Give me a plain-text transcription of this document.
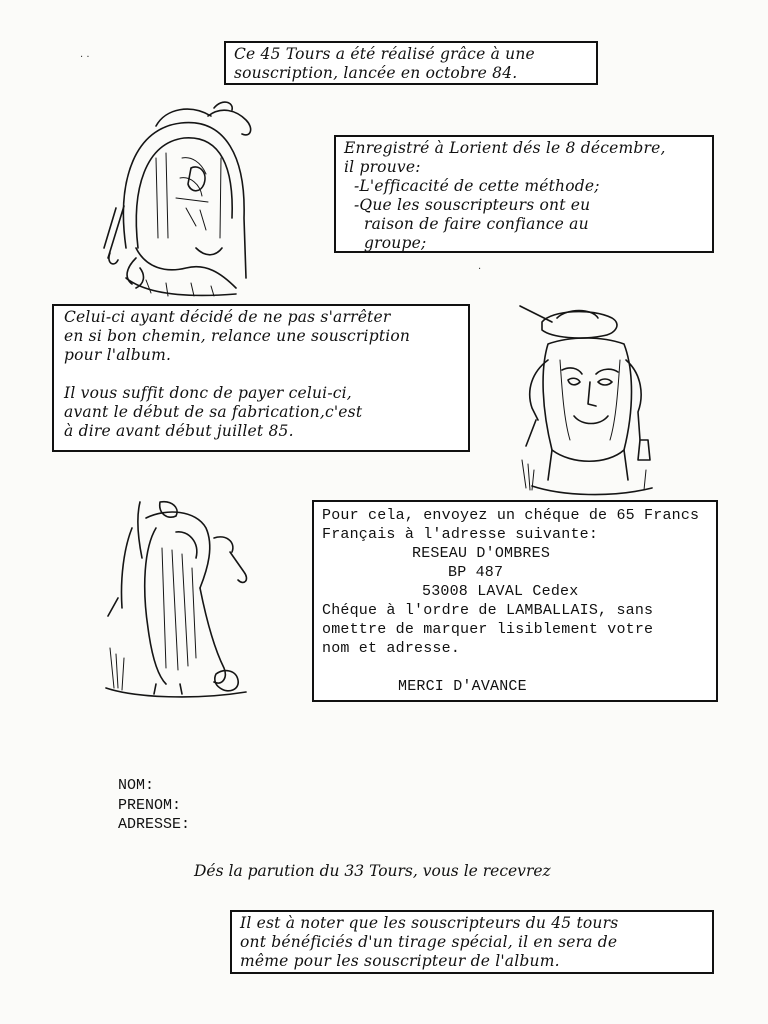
Ce 45 Tours a été réalisé grâce à une
souscription, lancée en octobre 84.
Enregistré à Lorient dés le 8 décembre,
il prouve:
-L'efficacité de cette méthode;
-Que les souscripteurs ont eu
raison de faire confiance au
groupe;
Celui-ci ayant décidé de ne pas s'arrêter
en si bon chemin, relance une souscription
pour l'album.
Il vous suffit donc de payer celui-ci,
avant le début de sa fabrication,c'est
à dire avant début juillet 85.
Pour cela, envoyez un chéque de 65 Francs
Français à l'adresse suivante:
RESEAU D'OMBRES
BP 487
53008 LAVAL Cedex
Chéque à l'ordre de LAMBALLAIS, sans
omettre de marquer lisiblement votre
nom et adresse.
MERCI D'AVANCE
NOM:
PRENOM:
ADRESSE:
Dés la parution du 33 Tours, vous le recevrez
Il est à noter que les souscripteurs du 45 tours
ont bénéficiés d'un tirage spécial, il en sera de
même pour les souscripteur de l'album.
· ·
·
